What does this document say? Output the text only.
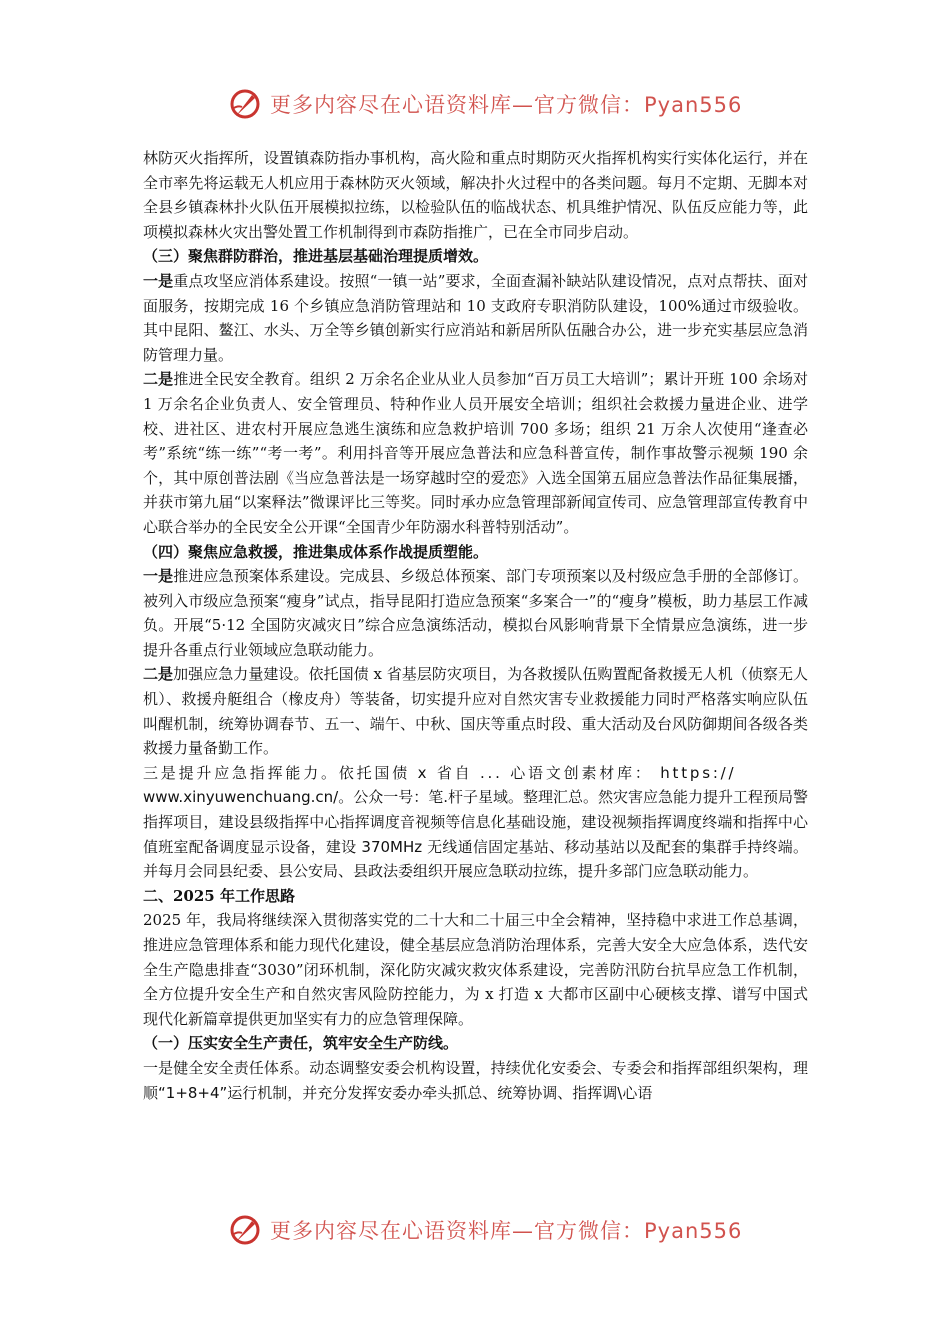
更多内容尽在心语资料库—官方微信：Pyan556

林防灭火指挥所，设置镇森防指办事机构，高火险和重点时期防灭火指挥机构实行实体化运行，并在全市率先将运载无人机应用于森林防灭火领域，解决扑火过程中的各类问题。每月不定期、无脚本对全县乡镇森林扑火队伍开展模拟拉练，以检验队伍的临战状态、机具维护情况、队伍反应能力等，此项模拟森林火灾出警处置工作机制得到市森防指推广，已在全市同步启动。

（三）聚焦群防群治，推进基层基础治理提质增效。

一是重点攻坚应消体系建设。按照“一镇一站”要求，全面查漏补缺站队建设情况，点对点帮扶、面对面服务，按期完成 16 个乡镇应急消防管理站和 10 支政府专职消防队建设，100%通过市级验收。其中昆阳、鳌江、水头、万全等乡镇创新实行应消站和新居所队伍融合办公，进一步充实基层应急消防管理力量。

二是推进全民安全教育。组织 2 万余名企业从业人员参加“百万员工大培训”；累计开班 100 余场对 1 万余名企业负责人、安全管理员、特种作业人员开展安全培训；组织社会救援力量进企业、进学校、进社区、进农村开展应急逃生演练和应急救护培训 700 多场；组织 21 万余人次使用“逢查必考”系统“练一练”“考一考”。利用抖音等开展应急普法和应急科普宣传，制作事故警示视频 190 余个，其中原创普法剧《当应急普法是一场穿越时空的爱恋》入选全国第五届应急普法作品征集展播，并获市第九届“以案释法”微课评比三等奖。同时承办应急管理部新闻宣传司、应急管理部宣传教育中心联合举办的全民安全公开课“全国青少年防溺水科普特别活动”。

（四）聚焦应急救援，推进集成体系作战提质塑能。

一是推进应急预案体系建设。完成县、乡级总体预案、部门专项预案以及村级应急手册的全部修订。被列入市级应急预案“瘦身”试点，指导昆阳打造应急预案“多案合一”的“瘦身”模板，助力基层工作减负。开展“5·12 全国防灾减灾日”综合应急演练活动，模拟台风影响背景下全情景应急演练，进一步提升各重点行业领域应急联动能力。

二是加强应急力量建设。依托国债 x 省基层防灾项目，为各救援队伍购置配备救援无人机（侦察无人机）、救援舟艇组合（橡皮舟）等装备，切实提升应对自然灾害专业救援能力同时严格落实响应队伍叫醒机制，统筹协调春节、五一、端午、中秋、国庆等重点时段、重大活动及台风防御期间各级各类救援力量备勤工作。

三是提升应急指挥能力。依托国债 x 省自 ... 心语文创素材库： https://
www.xinyuwenchuang.cn/。公众一号：笔.杆子星域。整理汇总。然灾害应急能力提升工程预局警指挥项目，建设县级指挥中心指挥调度音视频等信息化基础设施，建设视频指挥调度终端和指挥中心值班室配备调度显示设备，建设 370MHz 无线通信固定基站、移动基站以及配套的集群手持终端。并每月会同县纪委、县公安局、县政法委组织开展应急联动拉练，提升多部门应急联动能力。

二、2025 年工作思路

2025 年，我局将继续深入贯彻落实党的二十大和二十届三中全会精神，坚持稳中求进工作总基调，推进应急管理体系和能力现代化建设，健全基层应急消防治理体系，完善大安全大应急体系，迭代安全生产隐患排查“3030”闭环机制，深化防灾减灾救灾体系建设，完善防汛防台抗旱应急工作机制，全方位提升安全生产和自然灾害风险防控能力，为 x 打造 x 大都市区副中心硬核支撑、谱写中国式现代化新篇章提供更加坚实有力的应急管理保障。

（一）压实安全生产责任，筑牢安全生产防线。

一是健全安全责任体系。动态调整安委会机构设置，持续优化安委会、专委会和指挥部组织架构，理顺“1+8+4”运行机制，并充分发挥安委办牵头抓总、统筹协调、指挥调\心语

更多内容尽在心语资料库—官方微信：Pyan556
